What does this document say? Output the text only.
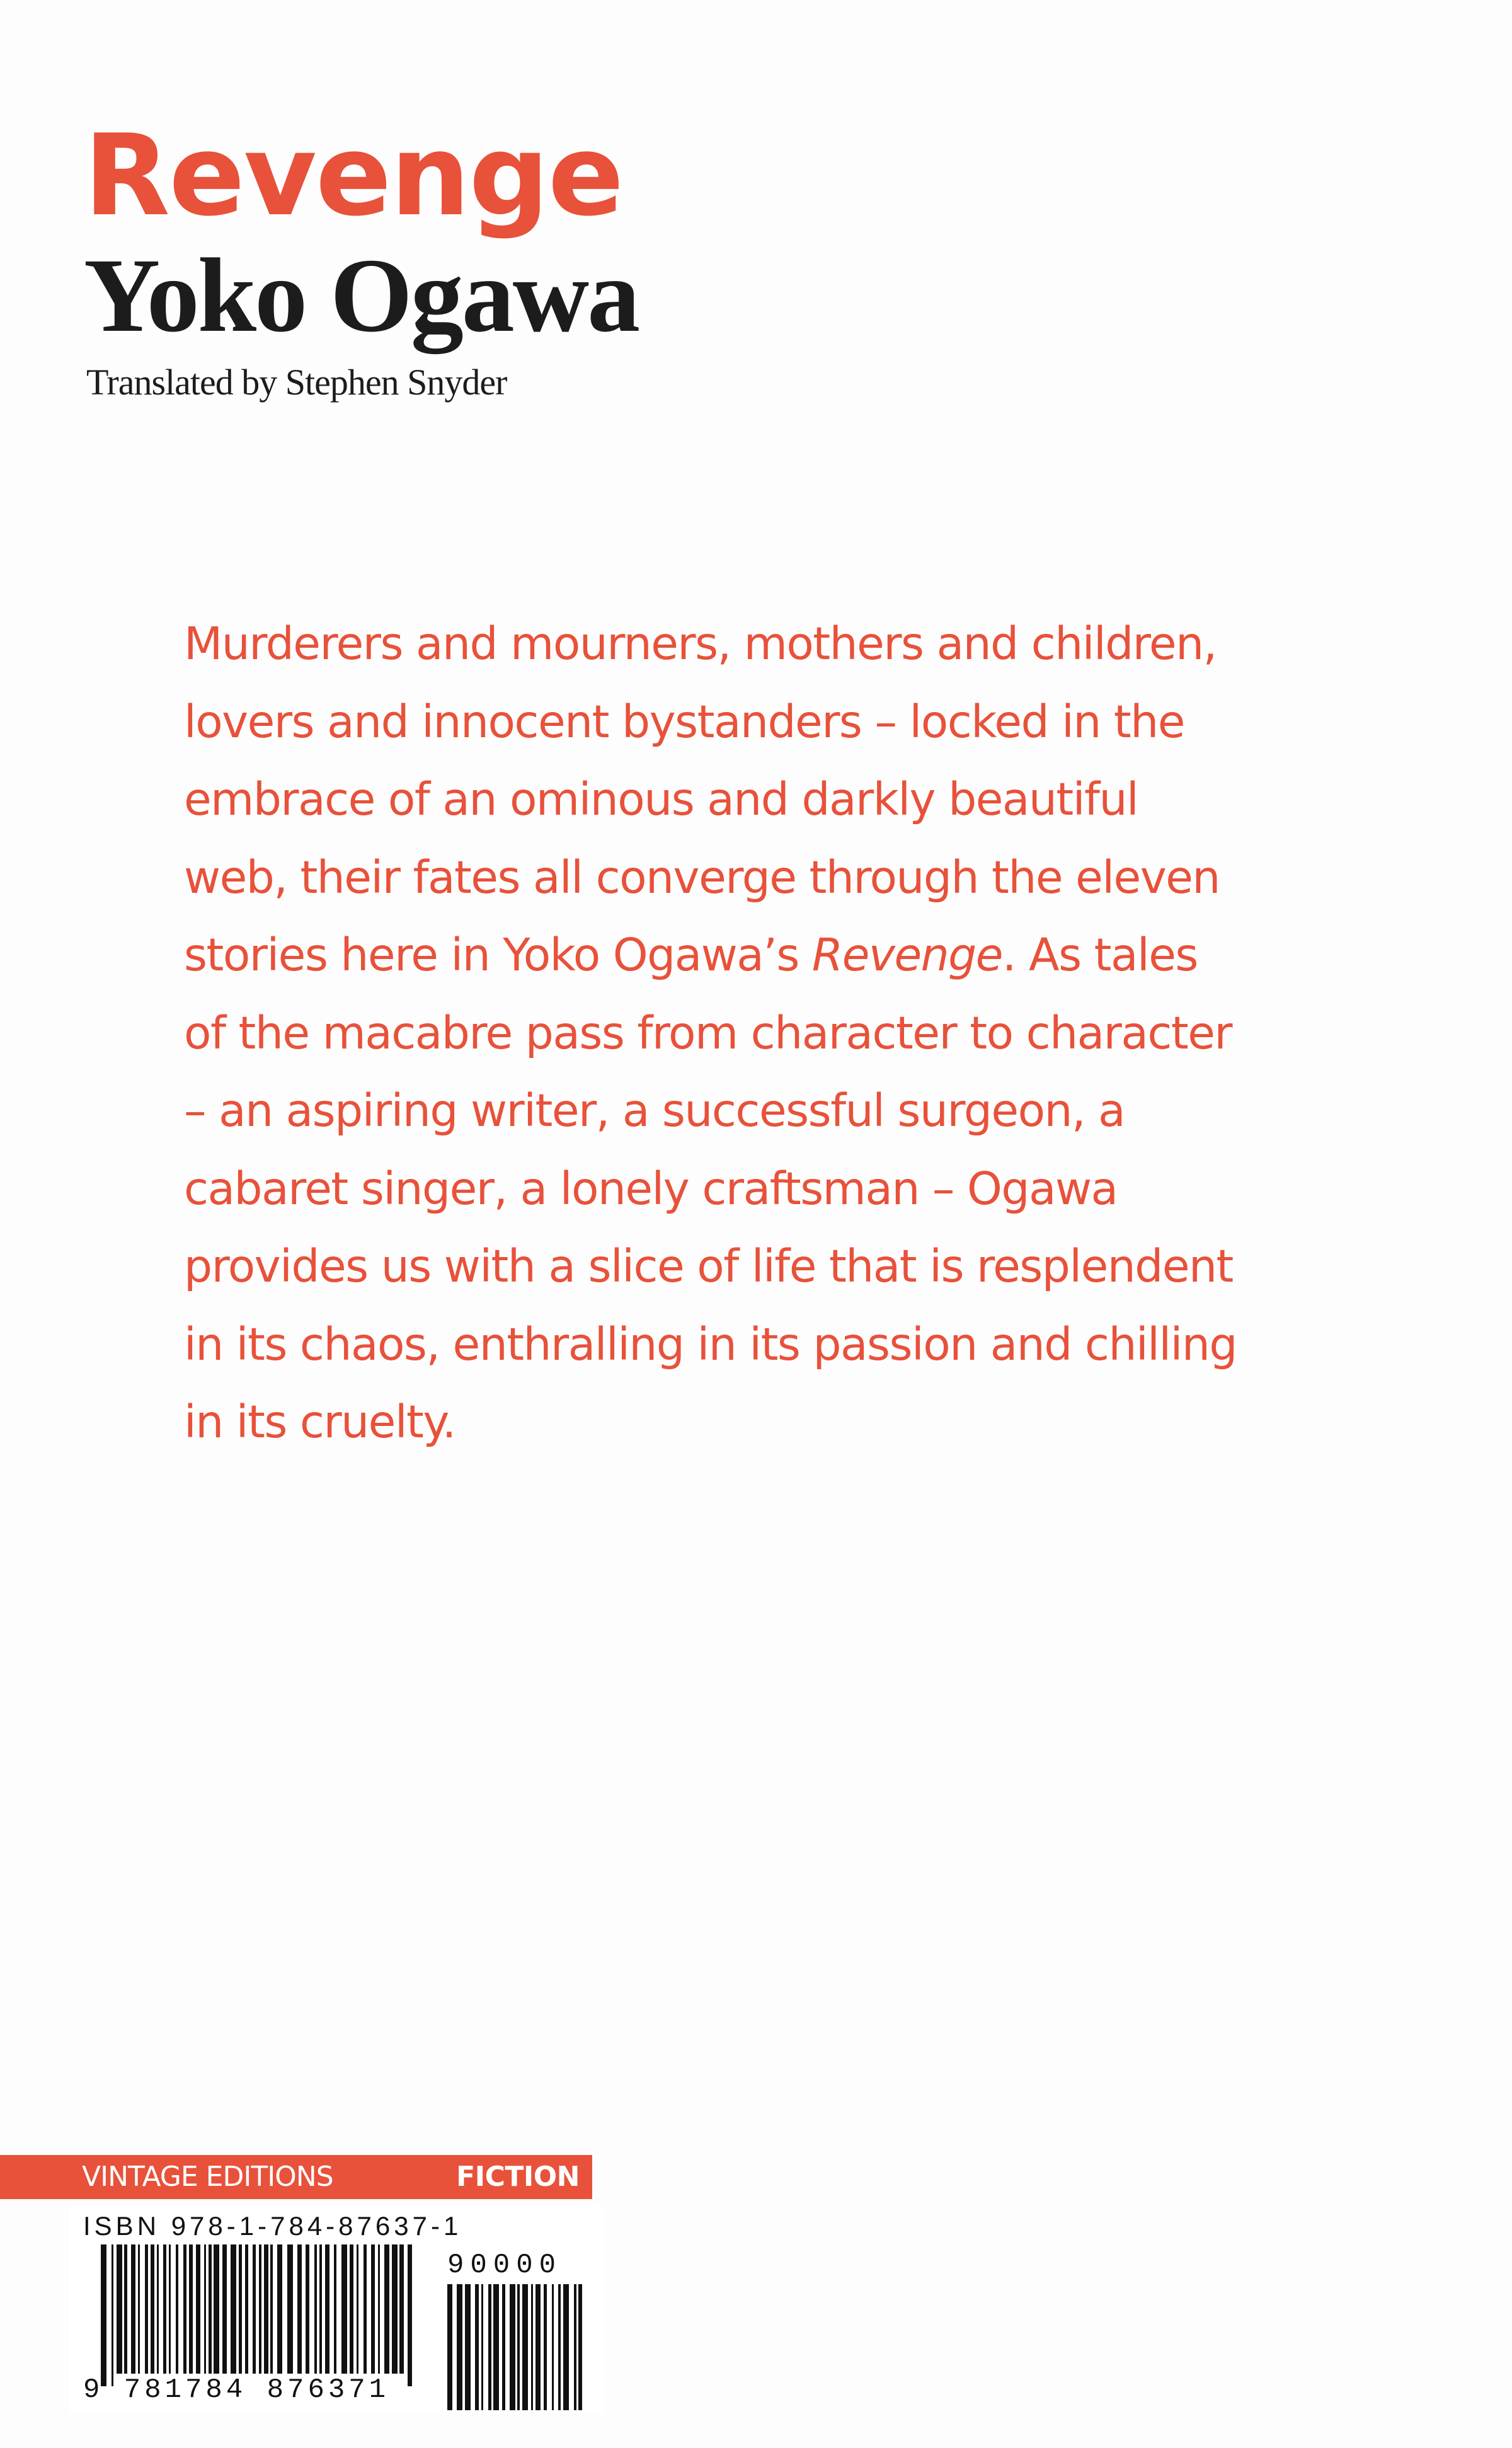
Revenge
Yoko Ogawa
Translated by Stephen Snyder

Murderers and mourners, mothers and children,
lovers and innocent bystanders – locked in the
embrace of an ominous and darkly beautiful
web, their fates all converge through the eleven
stories here in Yoko Ogawa’s Revenge. As tales
of the macabre pass from character to character
– an aspiring writer, a successful surgeon, a
cabaret singer, a lonely craftsman – Ogawa
provides us with a slice of life that is resplendent
in its chaos, enthralling in its passion and chilling
in its cruelty.

VINTAGE EDITIONS	FICTION
ISBN 978-1-784-87637-1
9 781784 876371
90000
